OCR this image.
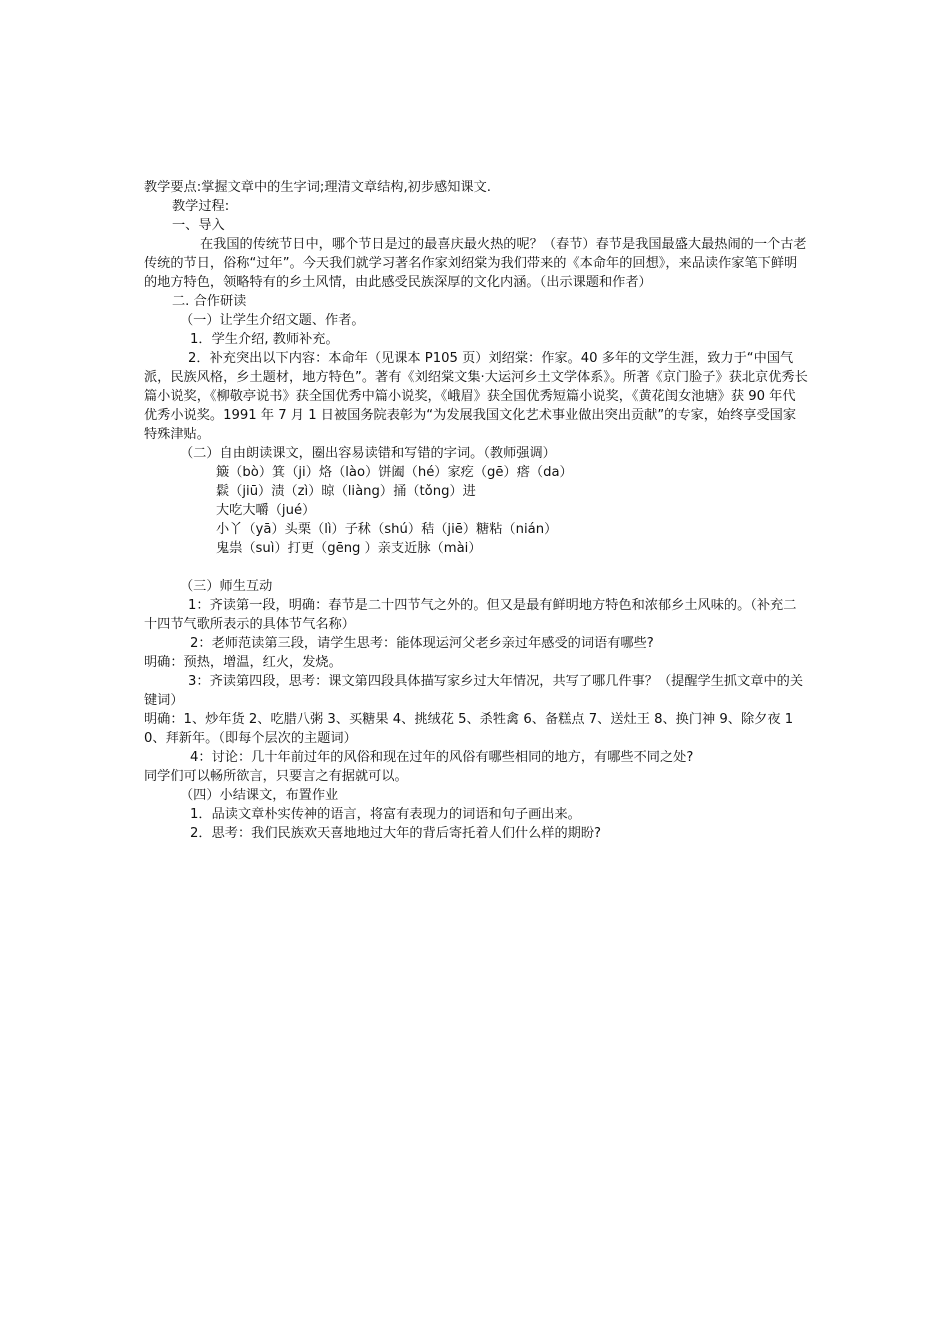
教学要点:掌握文章中的生字词;理清文章结构,初步感知课文.

教学过程:

一、导入

在我国的传统节日中，哪个节日是过的最喜庆最火热的呢？（春节）春节是我国最盛大最热闹的一个古老传统的节日，俗称“过年”。今天我们就学习著名作家刘绍棠为我们带来的《本命年的回想》，来品读作家笔下鲜明的地方特色，领略特有的乡土风情，由此感受民族深厚的文化内涵。（出示课题和作者）

二. 合作研读

（一）让学生介绍文题、作者。

1．学生介绍, 教师补充。

2．补充突出以下内容：本命年（见课本 P105 页）刘绍棠：作家。40 多年的文学生涯，致力于“中国气派，民族风格，乡土题材，地方特色”。著有《刘绍棠文集·大运河乡土文学体系》。所著《京门脸子》获北京优秀长篇小说奖，《柳敬亭说书》获全国优秀中篇小说奖，《峨眉》获全国优秀短篇小说奖，《黄花闺女池塘》获 90 年代优秀小说奖。1991 年 7 月 1 日被国务院表彰为“为发展我国文化艺术事业做出突出贡献”的专家，始终享受国家特殊津贴。

（二）自由朗读课文，圈出容易读错和写错的字词。（教师强调）

簸（bò）箕（ji）烙（lào）饼阖（hé）家疙（gē）瘩（da）

鬏（jiū）渍（zì）晾（liàng）捅（tǒng）进

大吃大嚼（jué）

小丫（yā）头栗（lì）子秫（shú）秸（jiē）糖粘（nián）

鬼祟（suì）打更（gēng ）亲支近脉（mài）

（三）师生互动

1：齐读第一段，明确：春节是二十四节气之外的。但又是最有鲜明地方特色和浓郁乡土风味的。（补充二十四节气歌所表示的具体节气名称）

2：老师范读第三段，请学生思考：能体现运河父老乡亲过年感受的词语有哪些?

明确：预热，增温，红火，发烧。

3：齐读第四段，思考：课文第四段具体描写家乡过大年情况，共写了哪几件事？（提醒学生抓文章中的关键词）

明确：1、炒年货 2、吃腊八粥 3、买糖果 4、挑绒花 5、杀牲禽 6、备糕点 7、送灶王 8、换门神 9、除夕夜 10、拜新年。（即每个层次的主题词）

4：讨论：几十年前过年的风俗和现在过年的风俗有哪些相同的地方，有哪些不同之处?

同学们可以畅所欲言，只要言之有据就可以。

（四）小结课文，布置作业

1．品读文章朴实传神的语言，将富有表现力的词语和句子画出来。

2．思考：我们民族欢天喜地地过大年的背后寄托着人们什么样的期盼?
